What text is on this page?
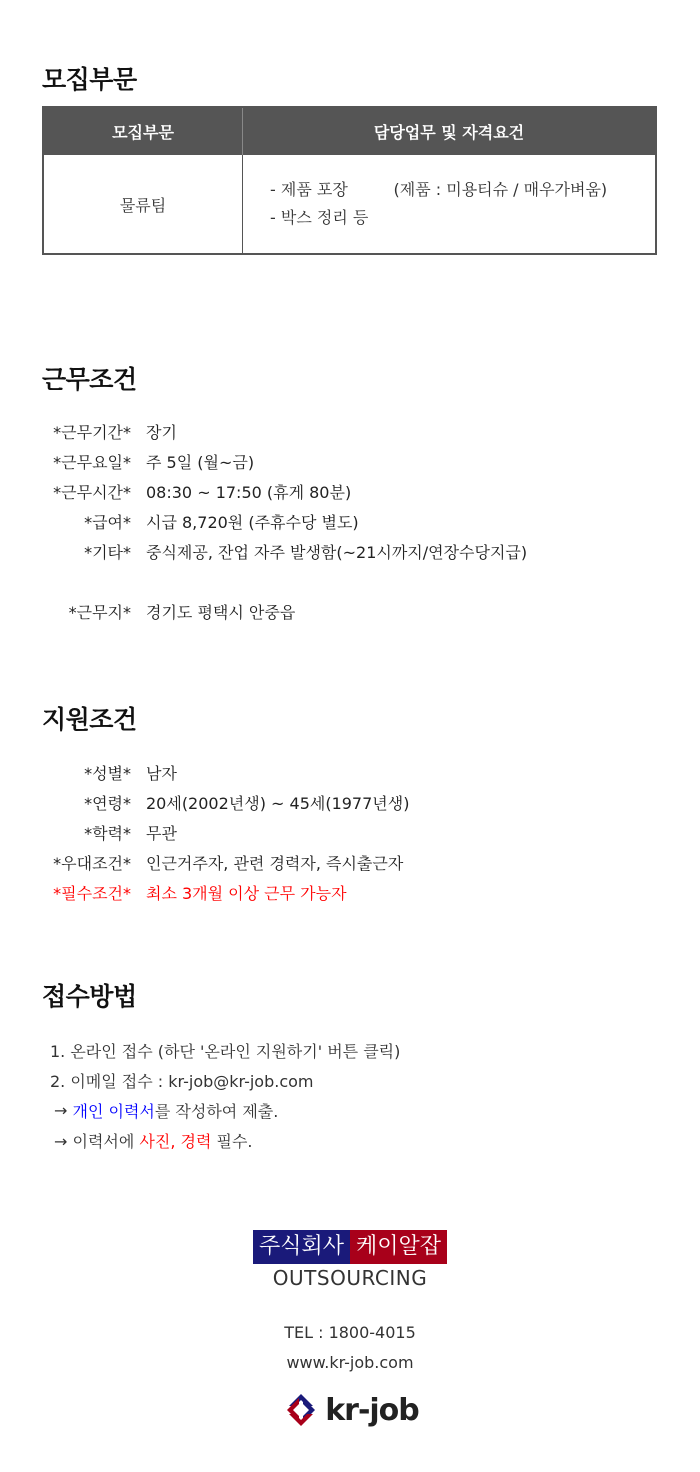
모집부문
모집부문	담당업무 및 자격요건
물류팀	- 제품 포장         (제품 : 미용티슈 / 매우가벼움)
- 박스 정리 등
근무조건
*근무기간* 장기
*근무요일* 주 5일 (월~금)
*근무시간* 08:30 ~ 17:50 (휴게 80분)
*급여* 시급 8,720원 (주휴수당 별도)
*기타* 중식제공, 잔업 자주 발생함(~21시까지/연장수당지급)
*근무지* 경기도 평택시 안중읍
지원조건
*성별* 남자
*연령* 20세(2002년생) ~ 45세(1977년생)
*학력* 무관
*우대조건* 인근거주자, 관련 경력자, 즉시출근자
*필수조건* 최소 3개월 이상 근무 가능자
접수방법
1. 온라인 접수 (하단 '온라인 지원하기' 버튼 클릭)
2. 이메일 접수 : kr-job@kr-job.com
→ 개인 이력서 를 작성하여 제출.
→ 이력서에 사진, 경력 필수.
주식회사 케이알잡
OUTSOURCING
TEL : 1800-4015
www.kr-job.com
kr-job
